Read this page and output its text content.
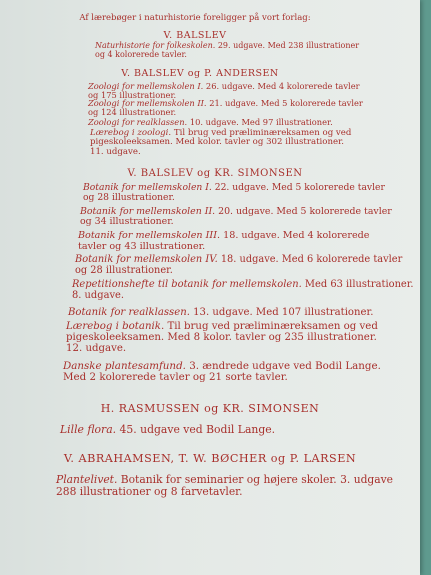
Af lærebøger i naturhistorie foreligger på vort forlag:
V. BALSLEV
Naturhistorie for folkeskolen. 29. udgave. Med 238 illustrationer
og 4 kolorerede tavler.
V. BALSLEV og P. ANDERSEN
Zoologi for mellemskolen I. 26. udgave. Med 4 kolorerede tavler
og 175 illustrationer.
Zoologi for mellemskolen II. 21. udgave. Med 5 kolorerede tavler
og 124 illustrationer.
Zoologi for realklassen. 10. udgave. Med 97 illustrationer.
Lærebog i zoologi. Til brug ved præliminæreksamen og ved
pigeskoleeksamen. Med kolor. tavler og 302 illustrationer.
11. udgave.
V. BALSLEV og KR. SIMONSEN
Botanik for mellemskolen I. 22. udgave. Med 5 kolorerede tavler
og 28 illustrationer.
Botanik for mellemskolen II. 20. udgave. Med 5 kolorerede tavler
og 34 illustrationer.
Botanik for mellemskolen III. 18. udgave. Med 4 kolorerede
tavler og 43 illustrationer.
Botanik for mellemskolen IV. 18. udgave. Med 6 kolorerede tavler
og 28 illustrationer.
Repetitionshefte til botanik for mellemskolen. Med 63 illustrationer.
8. udgave.
Botanik for realklassen. 13. udgave. Med 107 illustrationer.
Lærebog i botanik. Til brug ved præliminæreksamen og ved
pigeskoleeksamen. Med 8 kolor. tavler og 235 illustrationer.
12. udgave.
Danske plantesamfund. 3. ændrede udgave ved Bodil Lange.
Med 2 kolorerede tavler og 21 sorte tavler.
H. RASMUSSEN og KR. SIMONSEN
Lille flora. 45. udgave ved Bodil Lange.
V. ABRAHAMSEN, T. W. BØCHER og P. LARSEN
Plantelivet. Botanik for seminarier og højere skoler. 3. udgave
288 illustrationer og 8 farvetavler.
